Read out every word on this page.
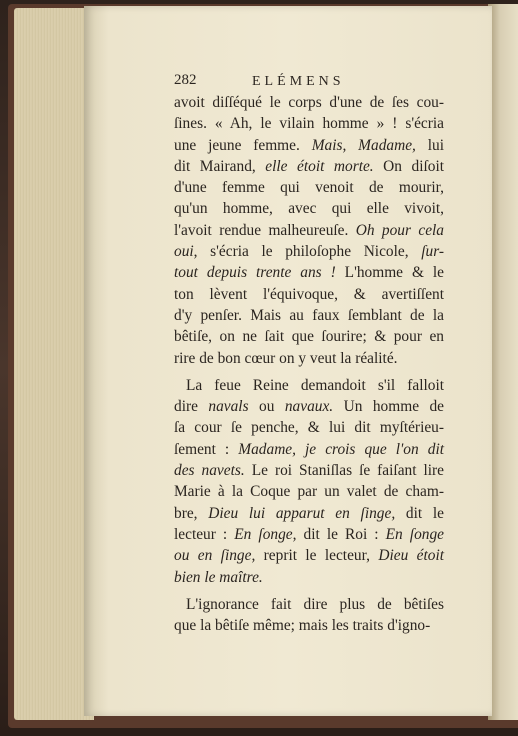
282	ELÉMENS
avoit diſſéqué le corps d'une de ſes cou-
ſines. « Ah, le vilain homme » ! s'écria
une jeune femme. Mais, Madame, lui
dit Mairand, elle étoit morte. On diſoit
d'une femme qui venoit de mourir,
qu'un homme, avec qui elle vivoit,
l'avoit rendue malheureuſe. Oh pour cela
oui, s'écria le philoſophe Nicole, ſur-
tout depuis trente ans ! L'homme & le
ton lèvent l'équivoque, & avertiſſent
d'y penſer. Mais au faux ſemblant de la
bêtiſe, on ne ſait que ſourire; & pour en
rire de bon cœur on y veut la réalité.
La feue Reine demandoit s'il falloit
dire navals ou navaux. Un homme de
ſa cour ſe penche, & lui dit myſtérieu-
ſement : Madame, je crois que l'on dit
des navets. Le roi Staniſlas ſe faiſant lire
Marie à la Coque par un valet de cham-
bre, Dieu lui apparut en ſinge, dit le
lecteur : En ſonge, dit le Roi : En ſonge
ou en ſinge, reprit le lecteur, Dieu étoit
bien le maître.
L'ignorance fait dire plus de bêtiſes
que la bêtiſe même; mais les traits d'igno-
